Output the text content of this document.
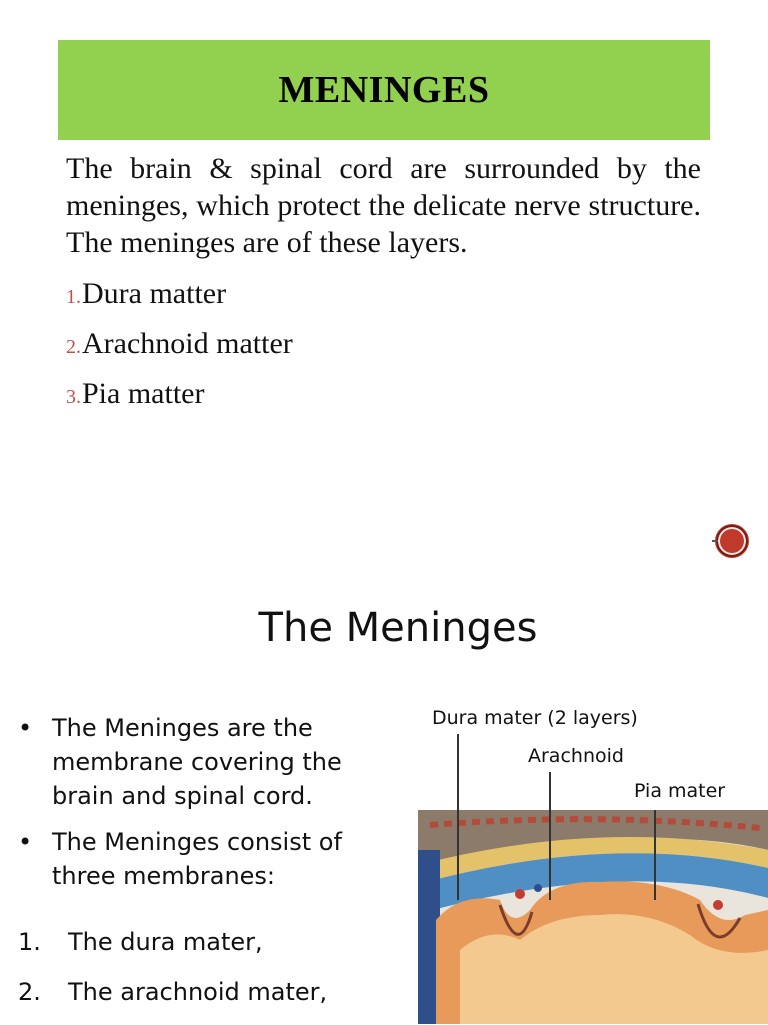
MENINGES

The brain & spinal cord are surrounded by the meninges, which protect the delicate nerve structure. The meninges are of these layers.

1.Dura matter
2.Arachnoid matter
3.Pia matter
The Meninges
• The Meninges are the membrane covering the brain and spinal cord.
• The Meninges consist of three membranes:
1. The dura mater,
2. The arachnoid mater,
Dura mater (2 layers)
Arachnoid
Pia mater
